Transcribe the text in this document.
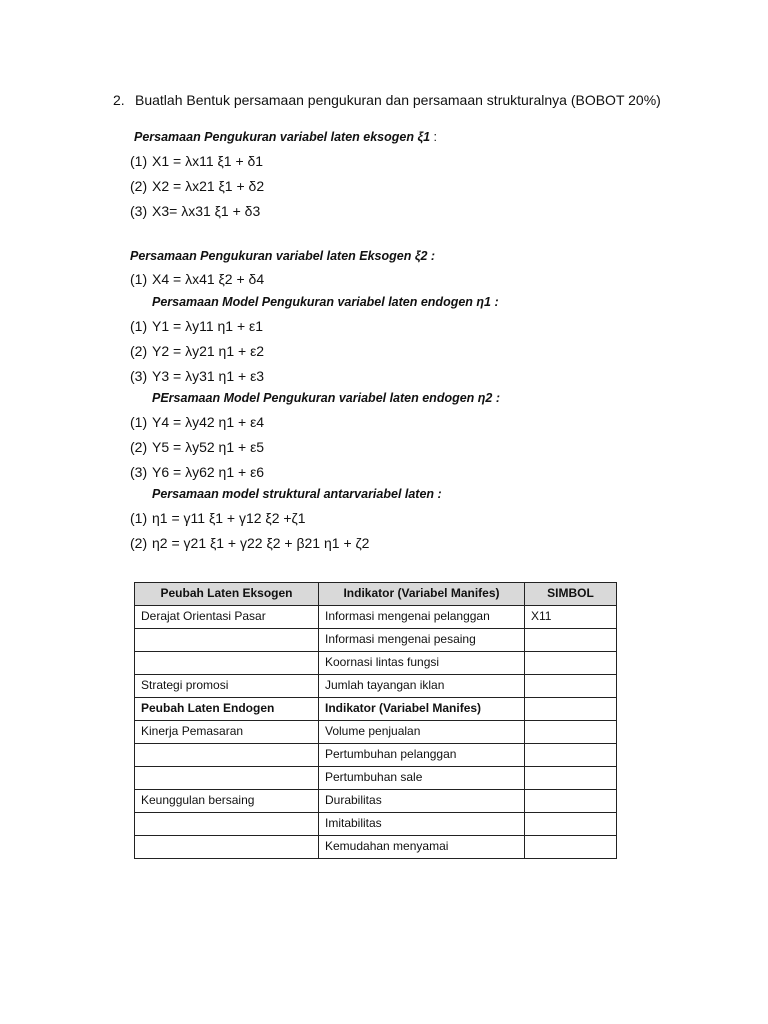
2. Buatlah Bentuk persamaan pengukuran dan persamaan strukturalnya (BOBOT 20%)
Persamaan Pengukuran variabel laten eksogen ξ1 :
(1) X1 = λx11 ξ1 + δ1
(2) X2 = λx21 ξ1 + δ2
(3) X3= λx31 ξ1 + δ3
Persamaan Pengukuran variabel laten Eksogen ξ2 :
(1) X4 = λx41 ξ2 + δ4
Persamaan Model Pengukuran variabel laten endogen η1 :
(1) Y1 = λy11 η1 + ε1
(2) Y2 = λy21 η1 + ε2
(3) Y3 = λy31 η1 + ε3
PErsamaan Model Pengukuran variabel laten endogen η2 :
(1) Y4 = λy42 η1 + ε4
(2) Y5 = λy52 η1 + ε5
(3) Y6 = λy62 η1 + ε6
Persamaan model struktural antarvariabel laten :
(1) η1 = γ11 ξ1 + γ12 ξ2 +ζ1
(2) η2 = γ21 ξ1 + γ22 ξ2 + β21 η1 + ζ2
Peubah Laten Eksogen	Indikator (Variabel Manifes)	SIMBOL
Derajat Orientasi Pasar	Informasi mengenai pelanggan	X11
	Informasi mengenai pesaing	
	Koornasi lintas fungsi	
Strategi promosi	Jumlah tayangan iklan	
Peubah Laten Endogen	Indikator (Variabel Manifes)	
Kinerja Pemasaran	Volume penjualan	
	Pertumbuhan pelanggan	
	Pertumbuhan sale	
Keunggulan bersaing	Durabilitas	
	Imitabilitas	
	Kemudahan menyamai	
